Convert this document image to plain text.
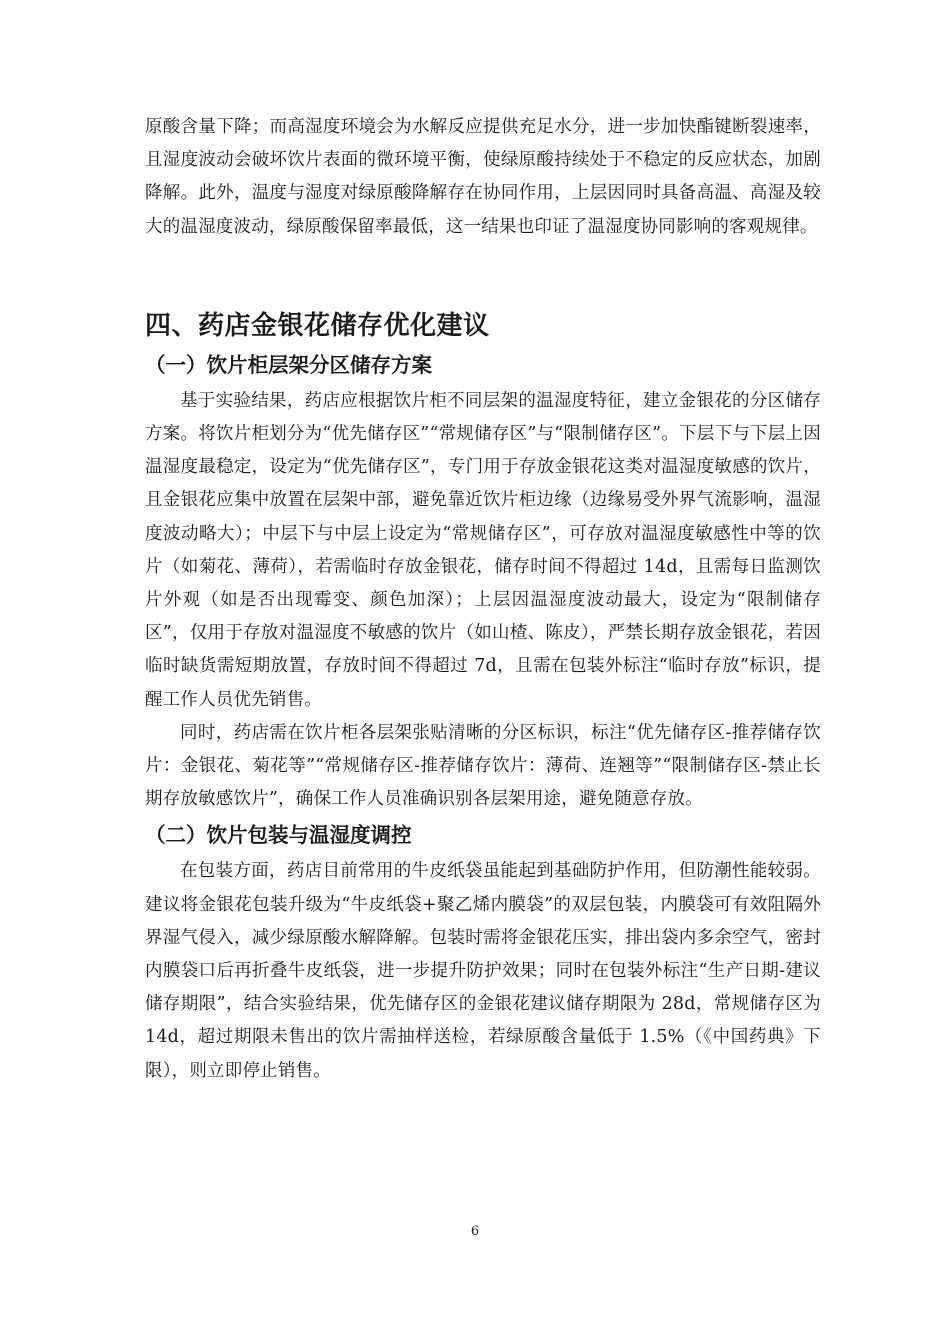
原酸含量下降；而高湿度环境会为水解反应提供充足水分，进一步加快酯键断裂速率，且湿度波动会破坏饮片表面的微环境平衡，使绿原酸持续处于不稳定的反应状态，加剧降解。此外，温度与湿度对绿原酸降解存在协同作用，上层因同时具备高温、高湿及较大的温湿度波动，绿原酸保留率最低，这一结果也印证了温湿度协同影响的客观规律。

四、药店金银花储存优化建议
（一）饮片柜层架分区储存方案

基于实验结果，药店应根据饮片柜不同层架的温湿度特征，建立金银花的分区储存方案。将饮片柜划分为“优先储存区”“常规储存区”与“限制储存区”。下层下与下层上因温湿度最稳定，设定为“优先储存区”，专门用于存放金银花这类对温湿度敏感的饮片，且金银花应集中放置在层架中部，避免靠近饮片柜边缘（边缘易受外界气流影响，温湿度波动略大）；中层下与中层上设定为“常规储存区”，可存放对温湿度敏感性中等的饮片（如菊花、薄荷），若需临时存放金银花，储存时间不得超过 14d，且需每日监测饮片外观（如是否出现霉变、颜色加深）；上层因温湿度波动最大，设定为“限制储存区”，仅用于存放对温湿度不敏感的饮片（如山楂、陈皮），严禁长期存放金银花，若因临时缺货需短期放置，存放时间不得超过 7d，且需在包装外标注“临时存放”标识，提醒工作人员优先销售。

同时，药店需在饮片柜各层架张贴清晰的分区标识，标注“优先储存区-推荐储存饮片：金银花、菊花等”“常规储存区-推荐储存饮片：薄荷、连翘等”“限制储存区-禁止长期存放敏感饮片”，确保工作人员准确识别各层架用途，避免随意存放。

（二）饮片包装与温湿度调控

在包装方面，药店目前常用的牛皮纸袋虽能起到基础防护作用，但防潮性能较弱。建议将金银花包装升级为“牛皮纸袋+聚乙烯内膜袋”的双层包装，内膜袋可有效阻隔外界湿气侵入，减少绿原酸水解降解。包装时需将金银花压实，排出袋内多余空气，密封内膜袋口后再折叠牛皮纸袋，进一步提升防护效果；同时在包装外标注“生产日期-建议储存期限”，结合实验结果，优先储存区的金银花建议储存期限为 28d，常规储存区为 14d，超过期限未售出的饮片需抽样送检，若绿原酸含量低于 1.5%（《中国药典》下限），则立即停止销售。

6
